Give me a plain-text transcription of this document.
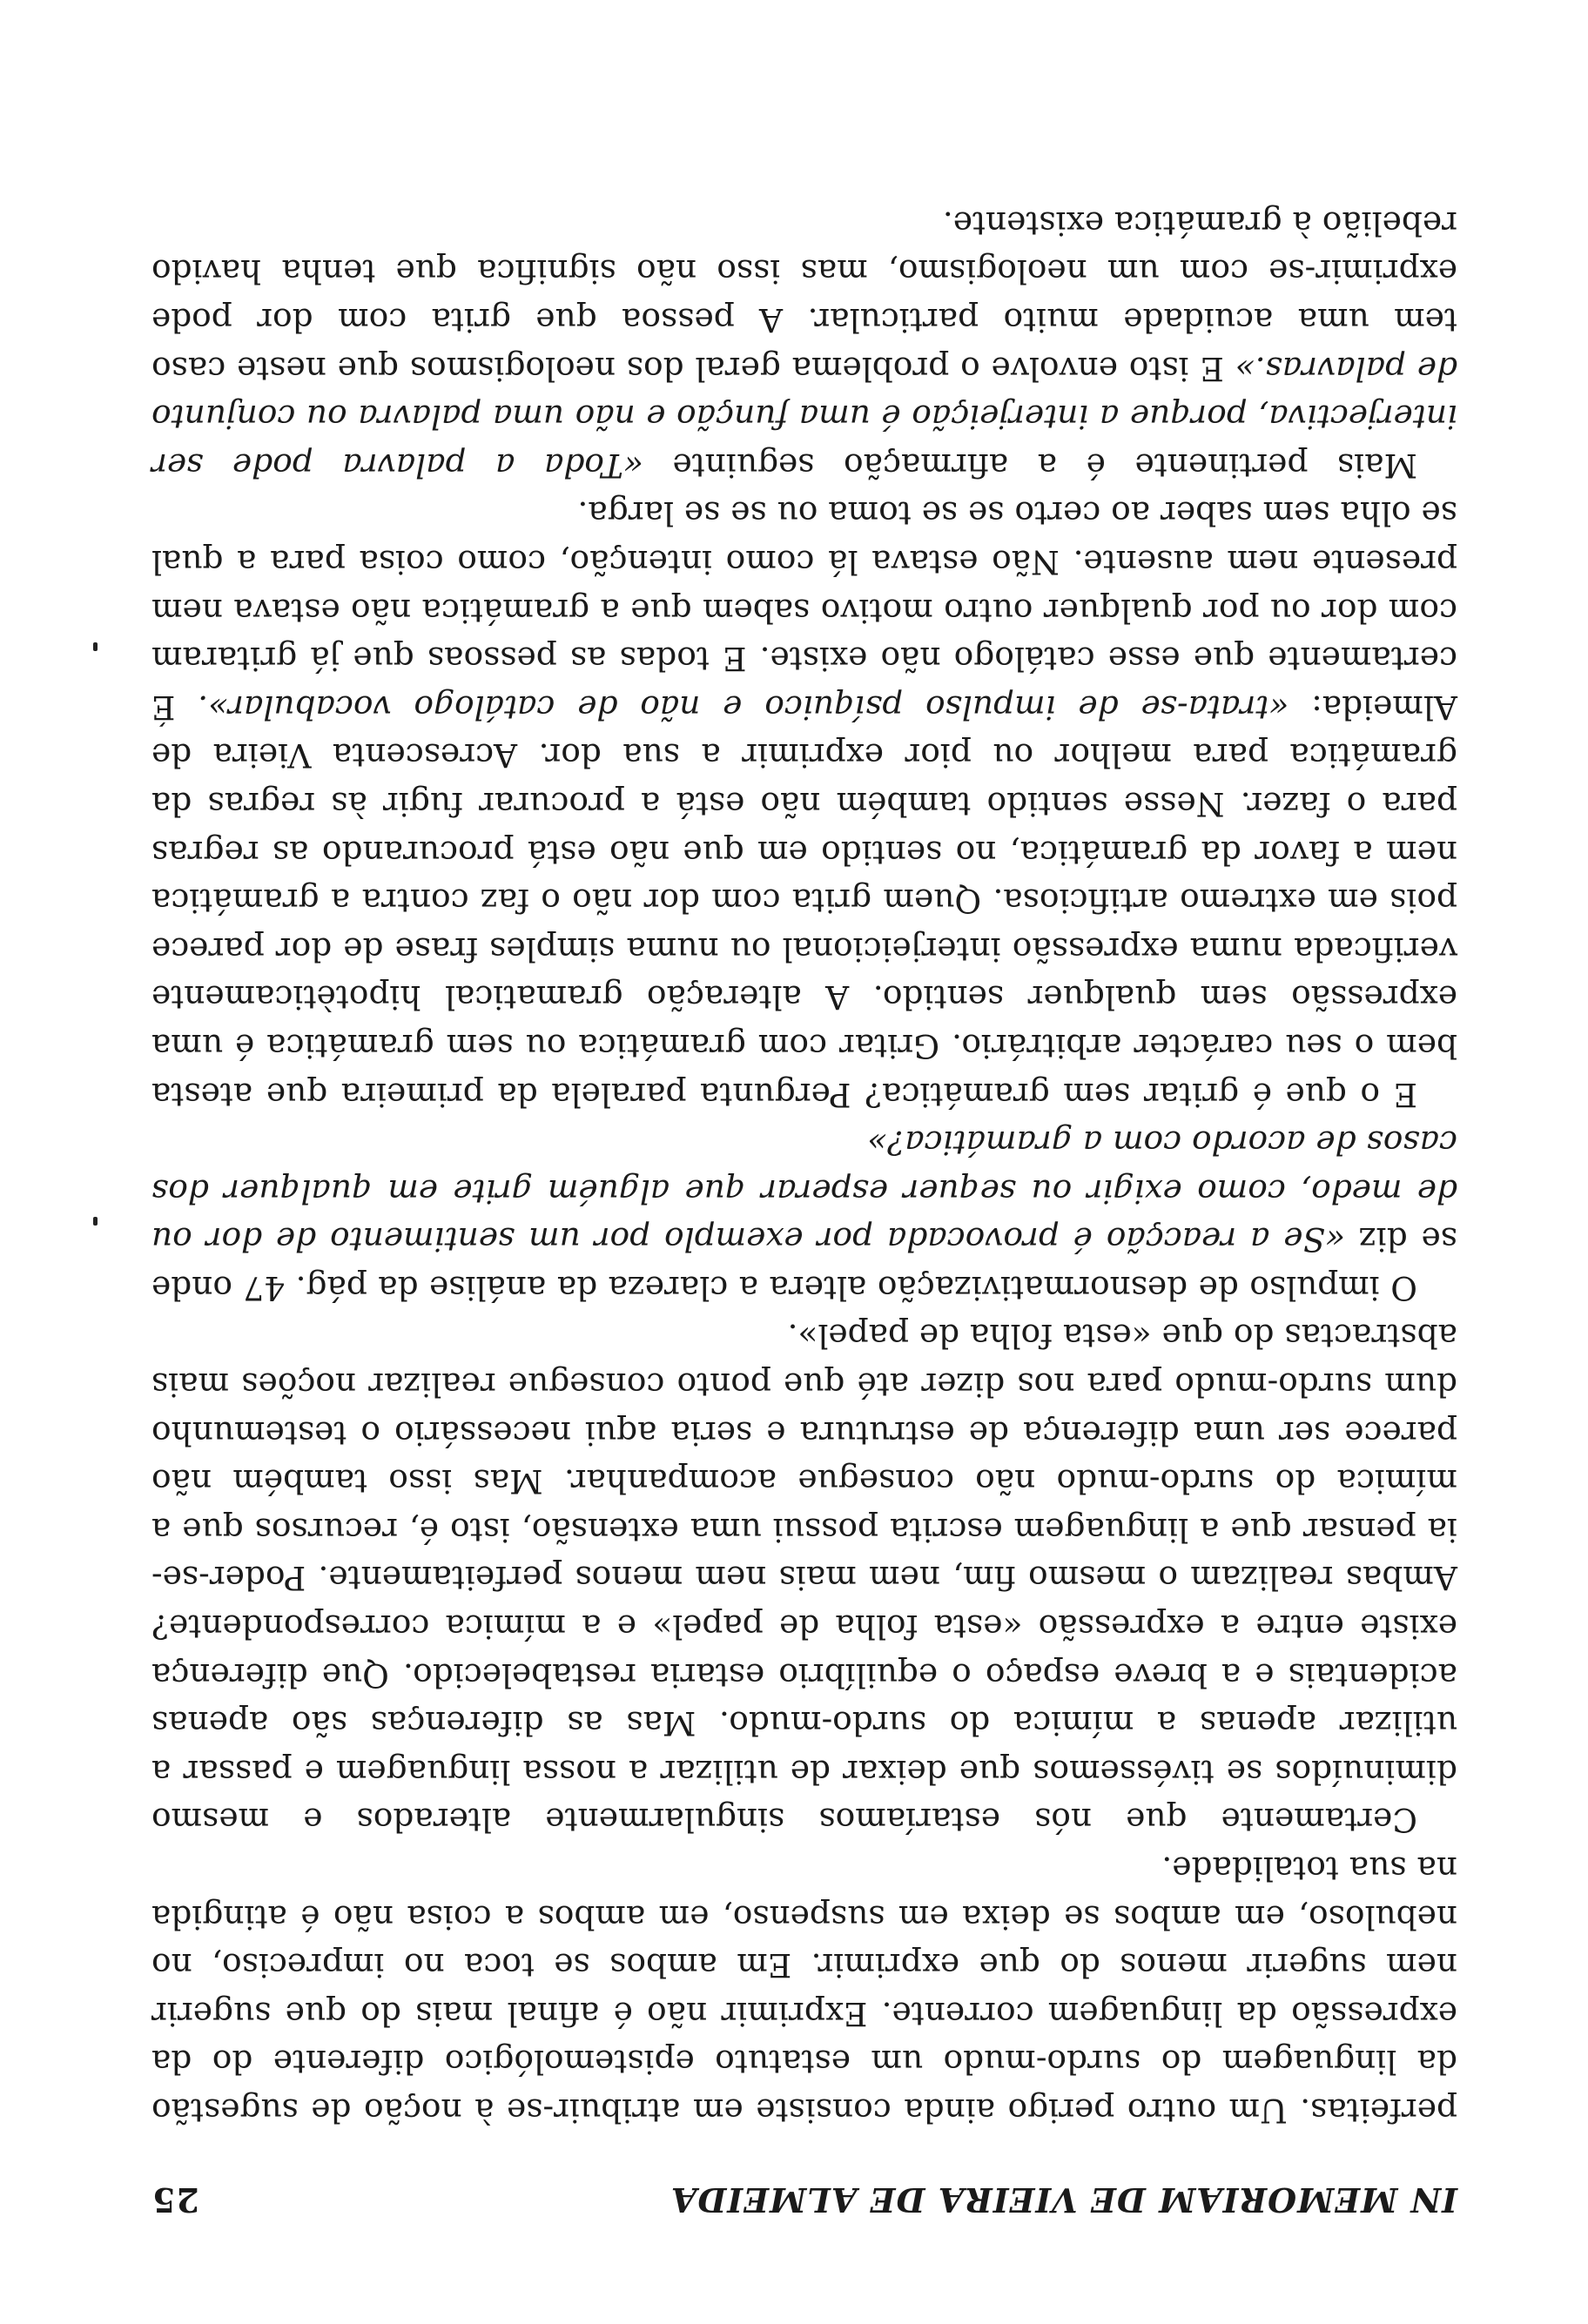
IN MEMORIAM DE VIEIRA DE ALMEIDA
25

perfeitas. Um outro perigo ainda consiste em atribuir-se à noção de sugestão da linguagem do surdo-mudo um estatuto epistemológico diferente do da expressão da linguagem corrente. Exprimir não é afinal mais do que sugerir nem sugerir menos do que exprimir. Em ambos se toca no impreciso, no nebuloso, em ambos se deixa em suspenso, em ambos a coisa não é atingida na sua totalidade.

Certamente que nós estaríamos singularmente alterados e mesmo diminuídos se tivéssemos que deixar de utilizar a nossa linguagem e passar a utilizar apenas a mímica do surdo-mudo. Mas as diferenças são apenas acidentais e a breve espaço o equilíbrio estaria restabelecido. Que diferença existe entre a expressão «esta folha de papel» e a mímica correspondente? Ambas realizam o mesmo fim, nem mais nem menos perfeitamente. Poder-se-ia pensar que a linguagem escrita possui uma extensão, isto é, recursos que a mímica do surdo-mudo não consegue acompanhar. Mas isso também não parece ser uma diferença de estrutura e seria aqui necessário o testemunho dum surdo-mudo para nos dizer até que ponto consegue realizar noções mais abstractas do que «esta folha de papel».

O impulso de desnormativização altera a clareza da análise da pág. 47 onde se diz «Se a reacção é provocada por exemplo por um sentimento de dor ou de medo, como exigir ou sequer esperar que alguém grite em qualquer dos casos de acordo com a gramática?»

E o que é gritar sem gramática? Pergunta paralela da primeira que atesta bem o seu carácter arbitrário. Gritar com gramática ou sem gramática é uma expressão sem qualquer sentido. A alteração gramatical hipotèticamente verificada numa expressão interjeicional ou numa simples frase de dor parece pois em extremo artificiosa. Quem grita com dor não o faz contra a gramática nem a favor da gramática, no sentido em que não está procurando as regras para o fazer. Nesse sentido também não está a procurar fugir às regras da gramática para melhor ou pior exprimir a sua dor. Acrescenta Vieira de Almeida: «trata-se de impulso psíquico e não de catálogo vocabular». É certamente que esse catálogo não existe. E todas as pessoas que já gritaram com dor ou por qualquer outro motivo sabem que a gramática não estava nem presente nem ausente. Não estava lá como intenção, como coisa para a qual se olha sem saber ao certo se se toma ou se se larga.

Mais pertinente é a afirmação seguinte «Toda a palavra pode ser interjectiva, porque a interjeição é uma função e não uma palavra ou conjunto de palavras.» E isto envolve o problema geral dos neologismos que neste caso tem uma acuidade muito particular. A pessoa que grita com dor pode exprimir-se com um neologismo, mas isso não significa que tenha havido rebelião à gramática existente.
